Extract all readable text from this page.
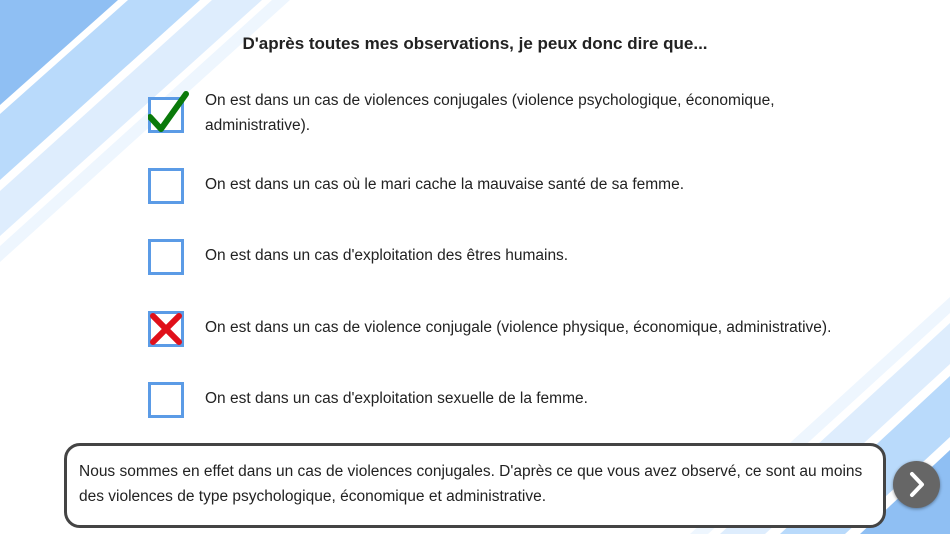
D'après toutes mes observations, je peux donc dire que...
On est dans un cas de violences conjugales (violence psychologique, économique, administrative).
On est dans un cas où le mari cache la mauvaise santé de sa femme.
On est dans un cas d'exploitation des êtres humains.
On est dans un cas de violence conjugale (violence physique, économique, administrative).
On est dans un cas d'exploitation sexuelle de la femme.
Nous sommes en effet dans un cas de violences conjugales. D'après ce que vous avez observé, ce sont au moins des violences de type psychologique, économique et administrative.
